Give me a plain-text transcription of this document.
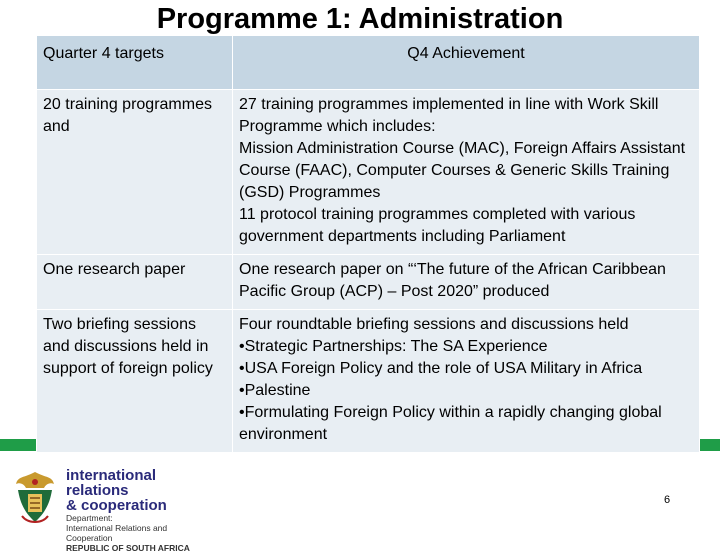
Programme 1: Administration
Quarter 4 targets	Q4 Achievement

20 training programmes and	27 training programmes implemented in line with Work Skill Programme which includes:
Mission Administration Course (MAC), Foreign Affairs Assistant Course (FAAC), Computer Courses & Generic Skills Training (GSD) Programmes
11 protocol training programmes completed with various government departments including Parliament

One research paper	One research paper on “‘The future of the African Caribbean Pacific Group (ACP) – Post 2020” produced

Two briefing sessions and discussions held in support of foreign policy	Four roundtable briefing sessions and discussions held
•Strategic Partnerships: The SA Experience
•USA Foreign Policy and the role of USA Military in Africa
•Palestine
•Formulating Foreign Policy within a rapidly changing global environment
international relations
& cooperation
Department:
International Relations and Cooperation
REPUBLIC OF SOUTH AFRICA
6
